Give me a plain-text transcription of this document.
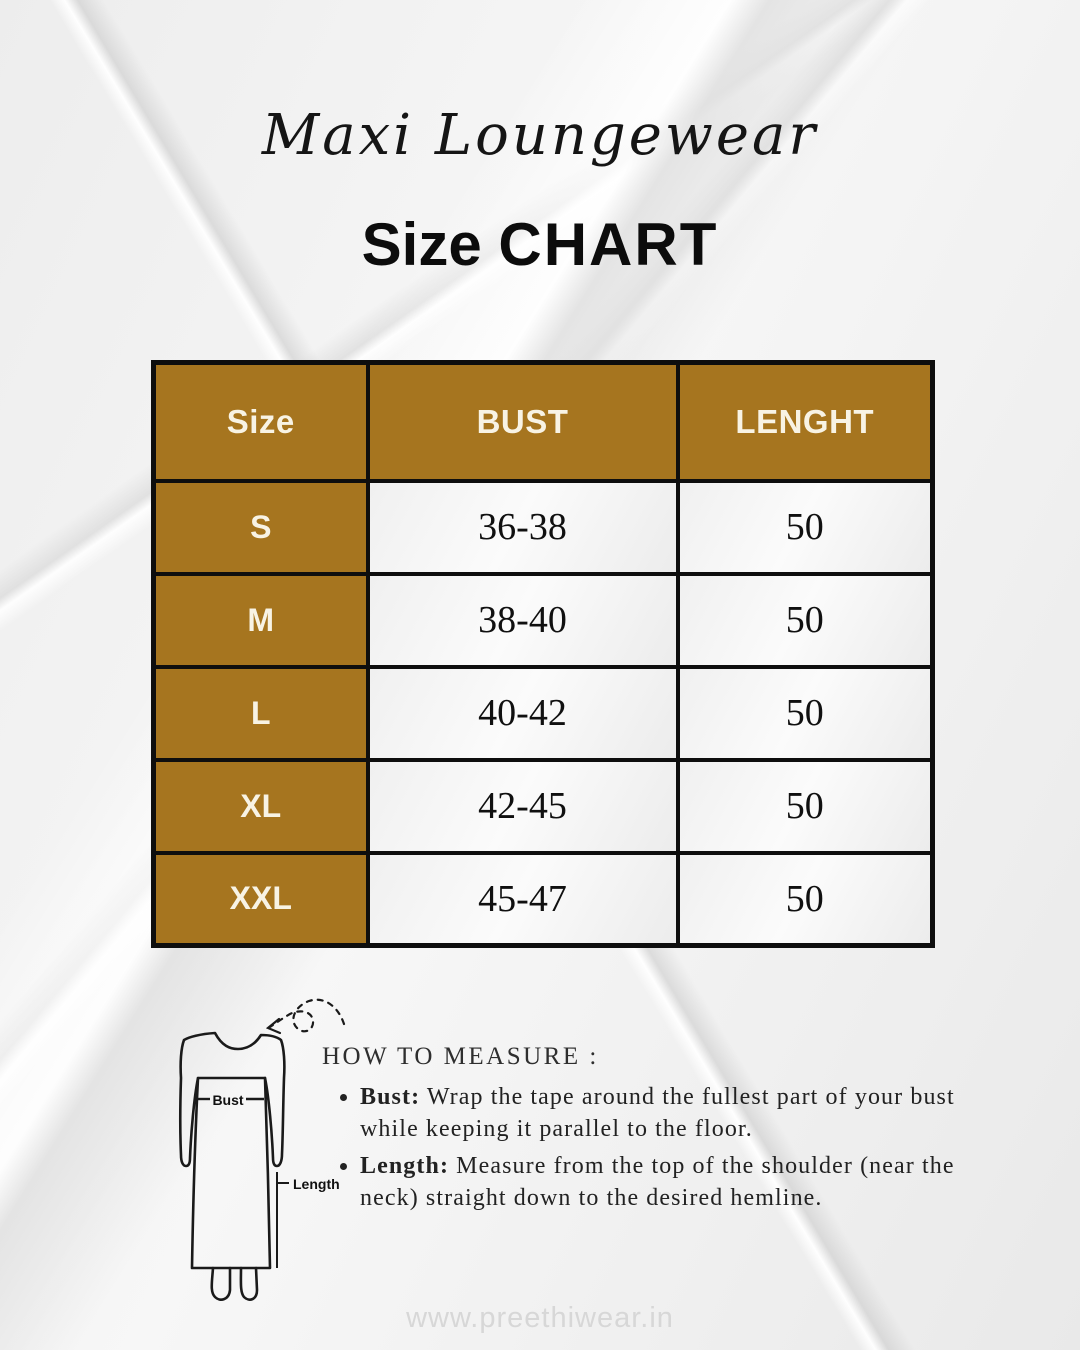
Maxi Loungewear
Size CHART
Size	BUST	LENGHT
S	36-38	50
M	38-40	50
L	40-42	50
XL	42-45	50
XXL	45-47	50
Bust
Length
HOW TO MEASURE :
• Bust: Wrap the tape around the fullest part of your bust while keeping it parallel to the floor.
• Length: Measure from the top of the shoulder (near the neck) straight down to the desired hemline.
www.preethiwear.in
